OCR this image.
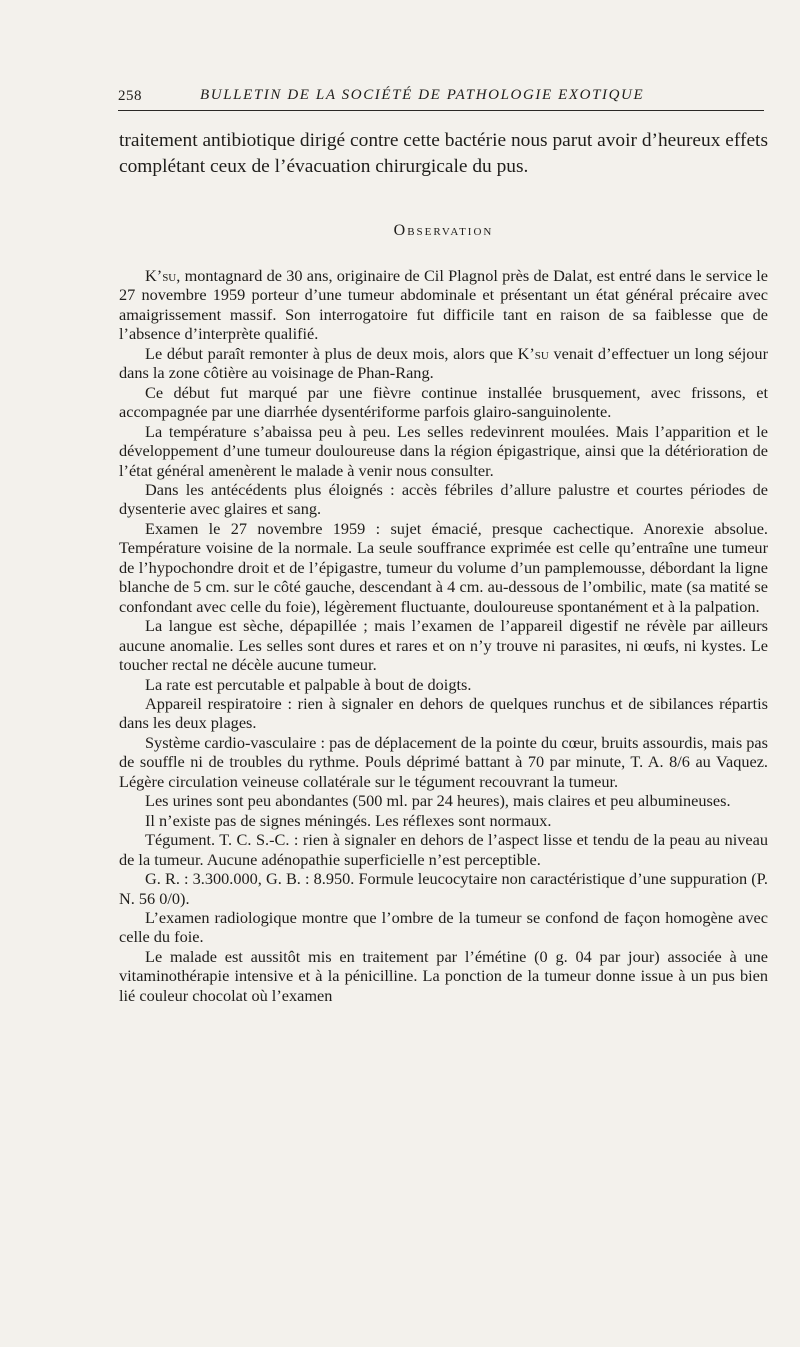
258	BULLETIN DE LA SOCIÉTÉ DE PATHOLOGIE EXOTIQUE
traitement antibiotique dirigé contre cette bactérie nous parut avoir d’heureux effets complétant ceux de l’évacuation chirurgicale du pus.
Observation

K’su, montagnard de 30 ans, originaire de Cil Plagnol près de Dalat, est entré dans le service le 27 novembre 1959 porteur d’une tumeur abdominale et présentant un état général précaire avec amaigrissement massif. Son interrogatoire fut difficile tant en raison de sa faiblesse que de l’absence d’interprète qualifié.

Le début paraît remonter à plus de deux mois, alors que K’su venait d’effectuer un long séjour dans la zone côtière au voisinage de Phan-Rang.

Ce début fut marqué par une fièvre continue installée brusquement, avec frissons, et accompagnée par une diarrhée dysentériforme parfois glairo-sanguinolente.

La température s’abaissa peu à peu. Les selles redevinrent moulées. Mais l’apparition et le développement d’une tumeur douloureuse dans la région épigastrique, ainsi que la détérioration de l’état général amenèrent le malade à venir nous consulter.

Dans les antécédents plus éloignés : accès fébriles d’allure palustre et courtes périodes de dysenterie avec glaires et sang.

Examen le 27 novembre 1959 : sujet émacié, presque cachectique. Anorexie absolue. Température voisine de la normale. La seule souffrance exprimée est celle qu’entraîne une tumeur de l’hypochondre droit et de l’épigastre, tumeur du volume d’un pamplemousse, débordant la ligne blanche de 5 cm. sur le côté gauche, descendant à 4 cm. au-dessous de l’ombilic, mate (sa matité se confondant avec celle du foie), légèrement fluctuante, douloureuse spontanément et à la palpation.

La langue est sèche, dépapillée ; mais l’examen de l’appareil digestif ne révèle par ailleurs aucune anomalie. Les selles sont dures et rares et on n’y trouve ni parasites, ni œufs, ni kystes. Le toucher rectal ne décèle aucune tumeur.

La rate est percutable et palpable à bout de doigts.

Appareil respiratoire : rien à signaler en dehors de quelques runchus et de sibilances répartis dans les deux plages.

Système cardio-vasculaire : pas de déplacement de la pointe du cœur, bruits assourdis, mais pas de souffle ni de troubles du rythme. Pouls déprimé battant à 70 par minute, T. A. 8/6 au Vaquez. Légère circulation veineuse collatérale sur le tégument recouvrant la tumeur.

Les urines sont peu abondantes (500 ml. par 24 heures), mais claires et peu albumineuses.

Il n’existe pas de signes méningés. Les réflexes sont normaux.

Tégument. T. C. S.-C. : rien à signaler en dehors de l’aspect lisse et tendu de la peau au niveau de la tumeur. Aucune adénopathie superficielle n’est perceptible.

G. R. : 3.300.000, G. B. : 8.950. Formule leucocytaire non caractéristique d’une suppuration (P. N. 56 0/0).

L’examen radiologique montre que l’ombre de la tumeur se confond de façon homogène avec celle du foie.

Le malade est aussitôt mis en traitement par l’émétine (0 g. 04 par jour) associée à une vitaminothérapie intensive et à la pénicilline. La ponction de la tumeur donne issue à un pus bien lié couleur chocolat où l’examen
